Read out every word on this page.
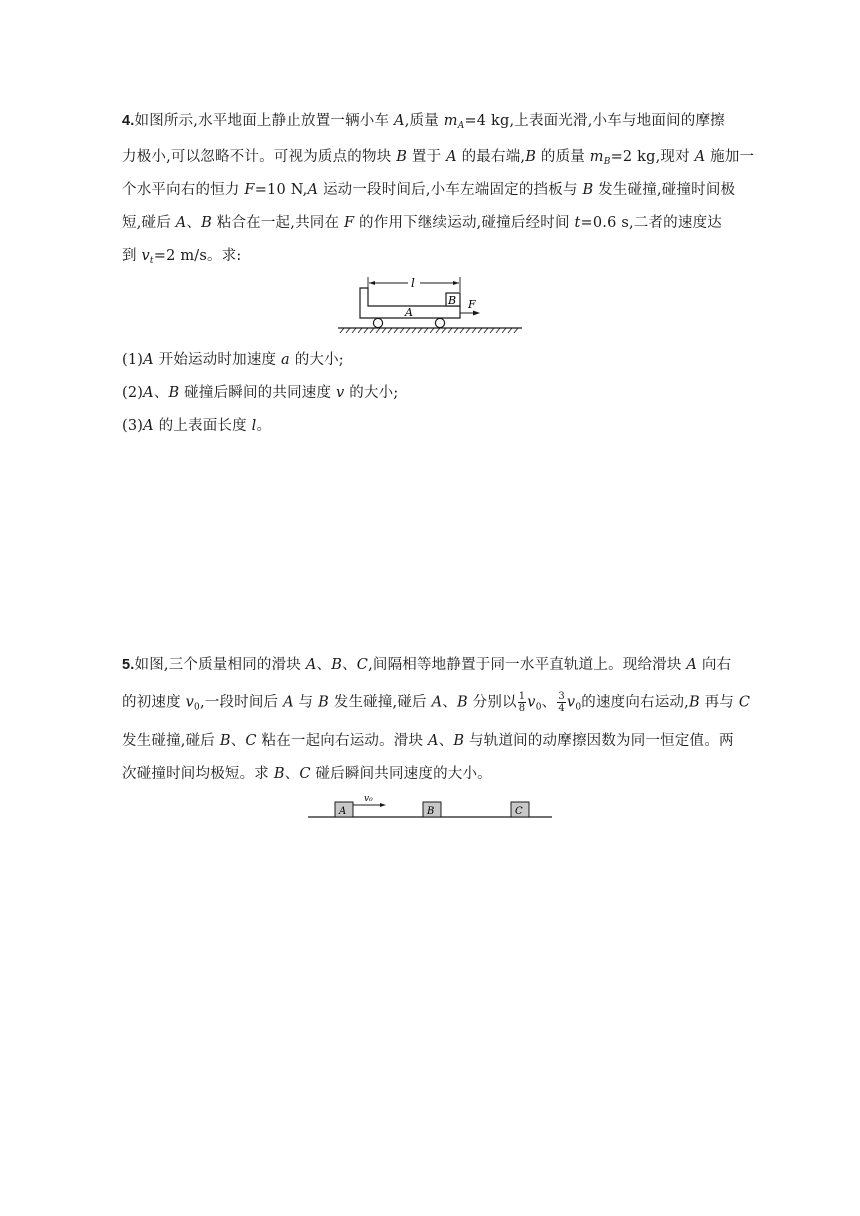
4.如图所示,水平地面上静止放置一辆小车 A,质量 $m_A=4$ kg,上表面光滑,小车与地面间的摩擦
力极小,可以忽略不计。可视为质点的物块 B 置于 A 的最右端,B 的质量 $m_B=2$ kg,现对 A 施加一
个水平向右的恒力 F=10 N,A 运动一段时间后,小车左端固定的挡板与 B 发生碰撞,碰撞时间极
短,碰后 A、B 粘合在一起,共同在 F 的作用下继续运动,碰撞后经时间 t=0.6 s,二者的速度达
到 $v_t=2$ m/s。求:
l
B F
A
(1)A 开始运动时加速度 a 的大小;
(2)A、B 碰撞后瞬间的共同速度 v 的大小;
(3)A 的上表面长度 l。
5.如图,三个质量相同的滑块 A、B、C,间隔相等地静置于同一水平直轨道上。现给滑块 A 向右
的初速度 $v_0$,一段时间后 A 与 B 发生碰撞,碰后 A、B 分别以 $\frac{1}{8} v_0$、 $\frac{3}{4} v_0$的速度向右运动,B 再与 C
发生碰撞,碰后 B、C 粘在一起向右运动。滑块 A、B 与轨道间的动摩擦因数为同一恒定值。两
次碰撞时间均极短。求 B、C 碰后瞬间共同速度的大小。
A
v₀
B	C
